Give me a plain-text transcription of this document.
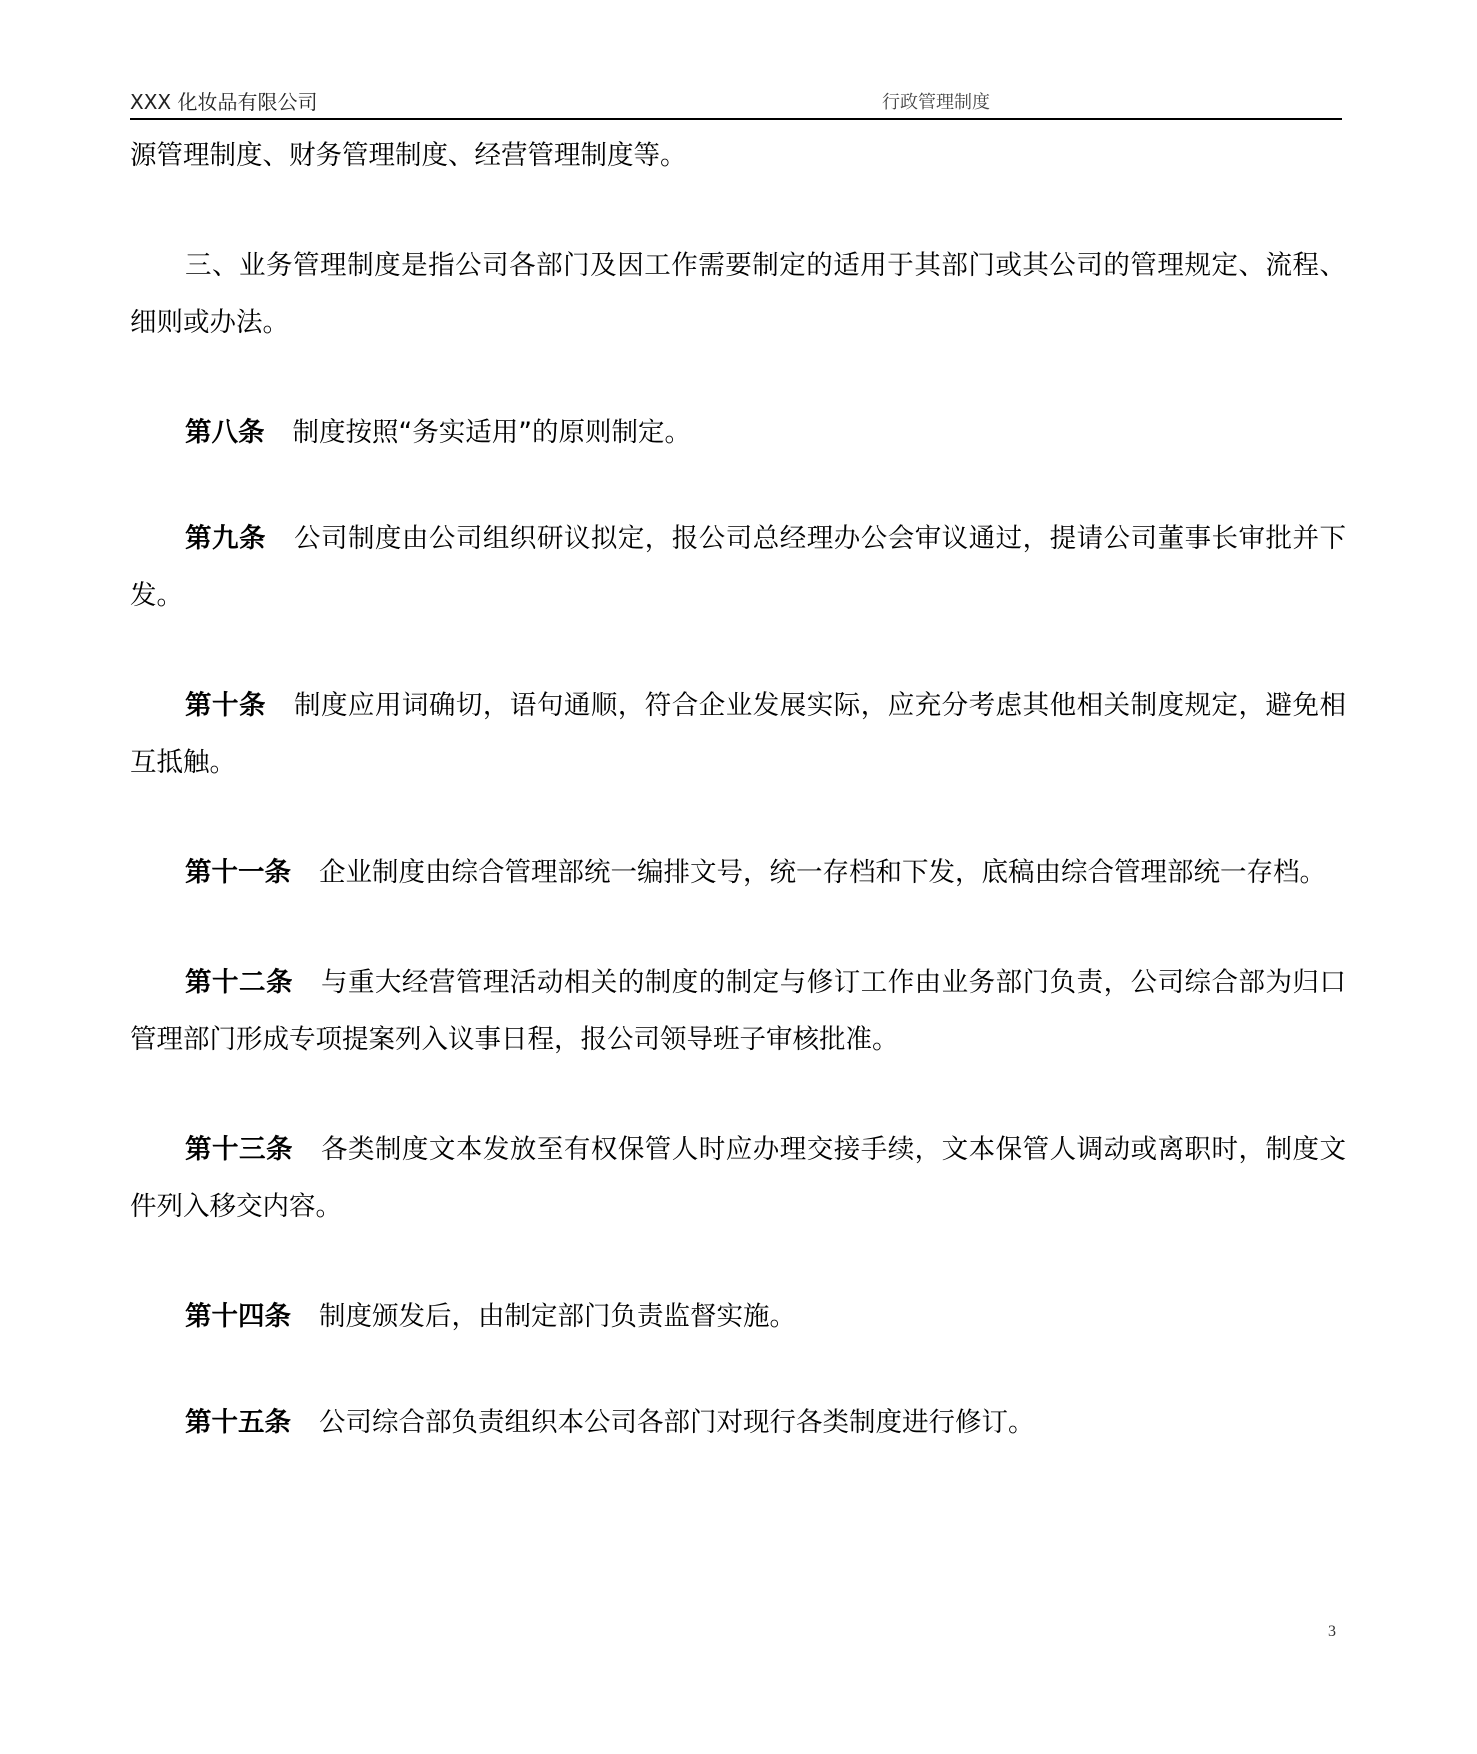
XXX 化妆品有限公司	行政管理制度

源管理制度、财务管理制度、经营管理制度等。

三、业务管理制度是指公司各部门及因工作需要制定的适用于其部门或其公司的管理规定、流程、细则或办法。

第八条 制度按照“务实适用”的原则制定。

第九条 公司制度由公司组织研议拟定，报公司总经理办公会审议通过，提请公司董事长审批并下发。

第十条 制度应用词确切，语句通顺，符合企业发展实际，应充分考虑其他相关制度规定，避免相互抵触。

第十一条 企业制度由综合管理部统一编排文号，统一存档和下发，底稿由综合管理部统一存档。

第十二条 与重大经营管理活动相关的制度的制定与修订工作由业务部门负责，公司综合部为归口管理部门形成专项提案列入议事日程，报公司领导班子审核批准。

第十三条 各类制度文本发放至有权保管人时应办理交接手续，文本保管人调动或离职时，制度文件列入移交内容。

第十四条 制度颁发后，由制定部门负责监督实施。

第十五条 公司综合部负责组织本公司各部门对现行各类制度进行修订。

3
